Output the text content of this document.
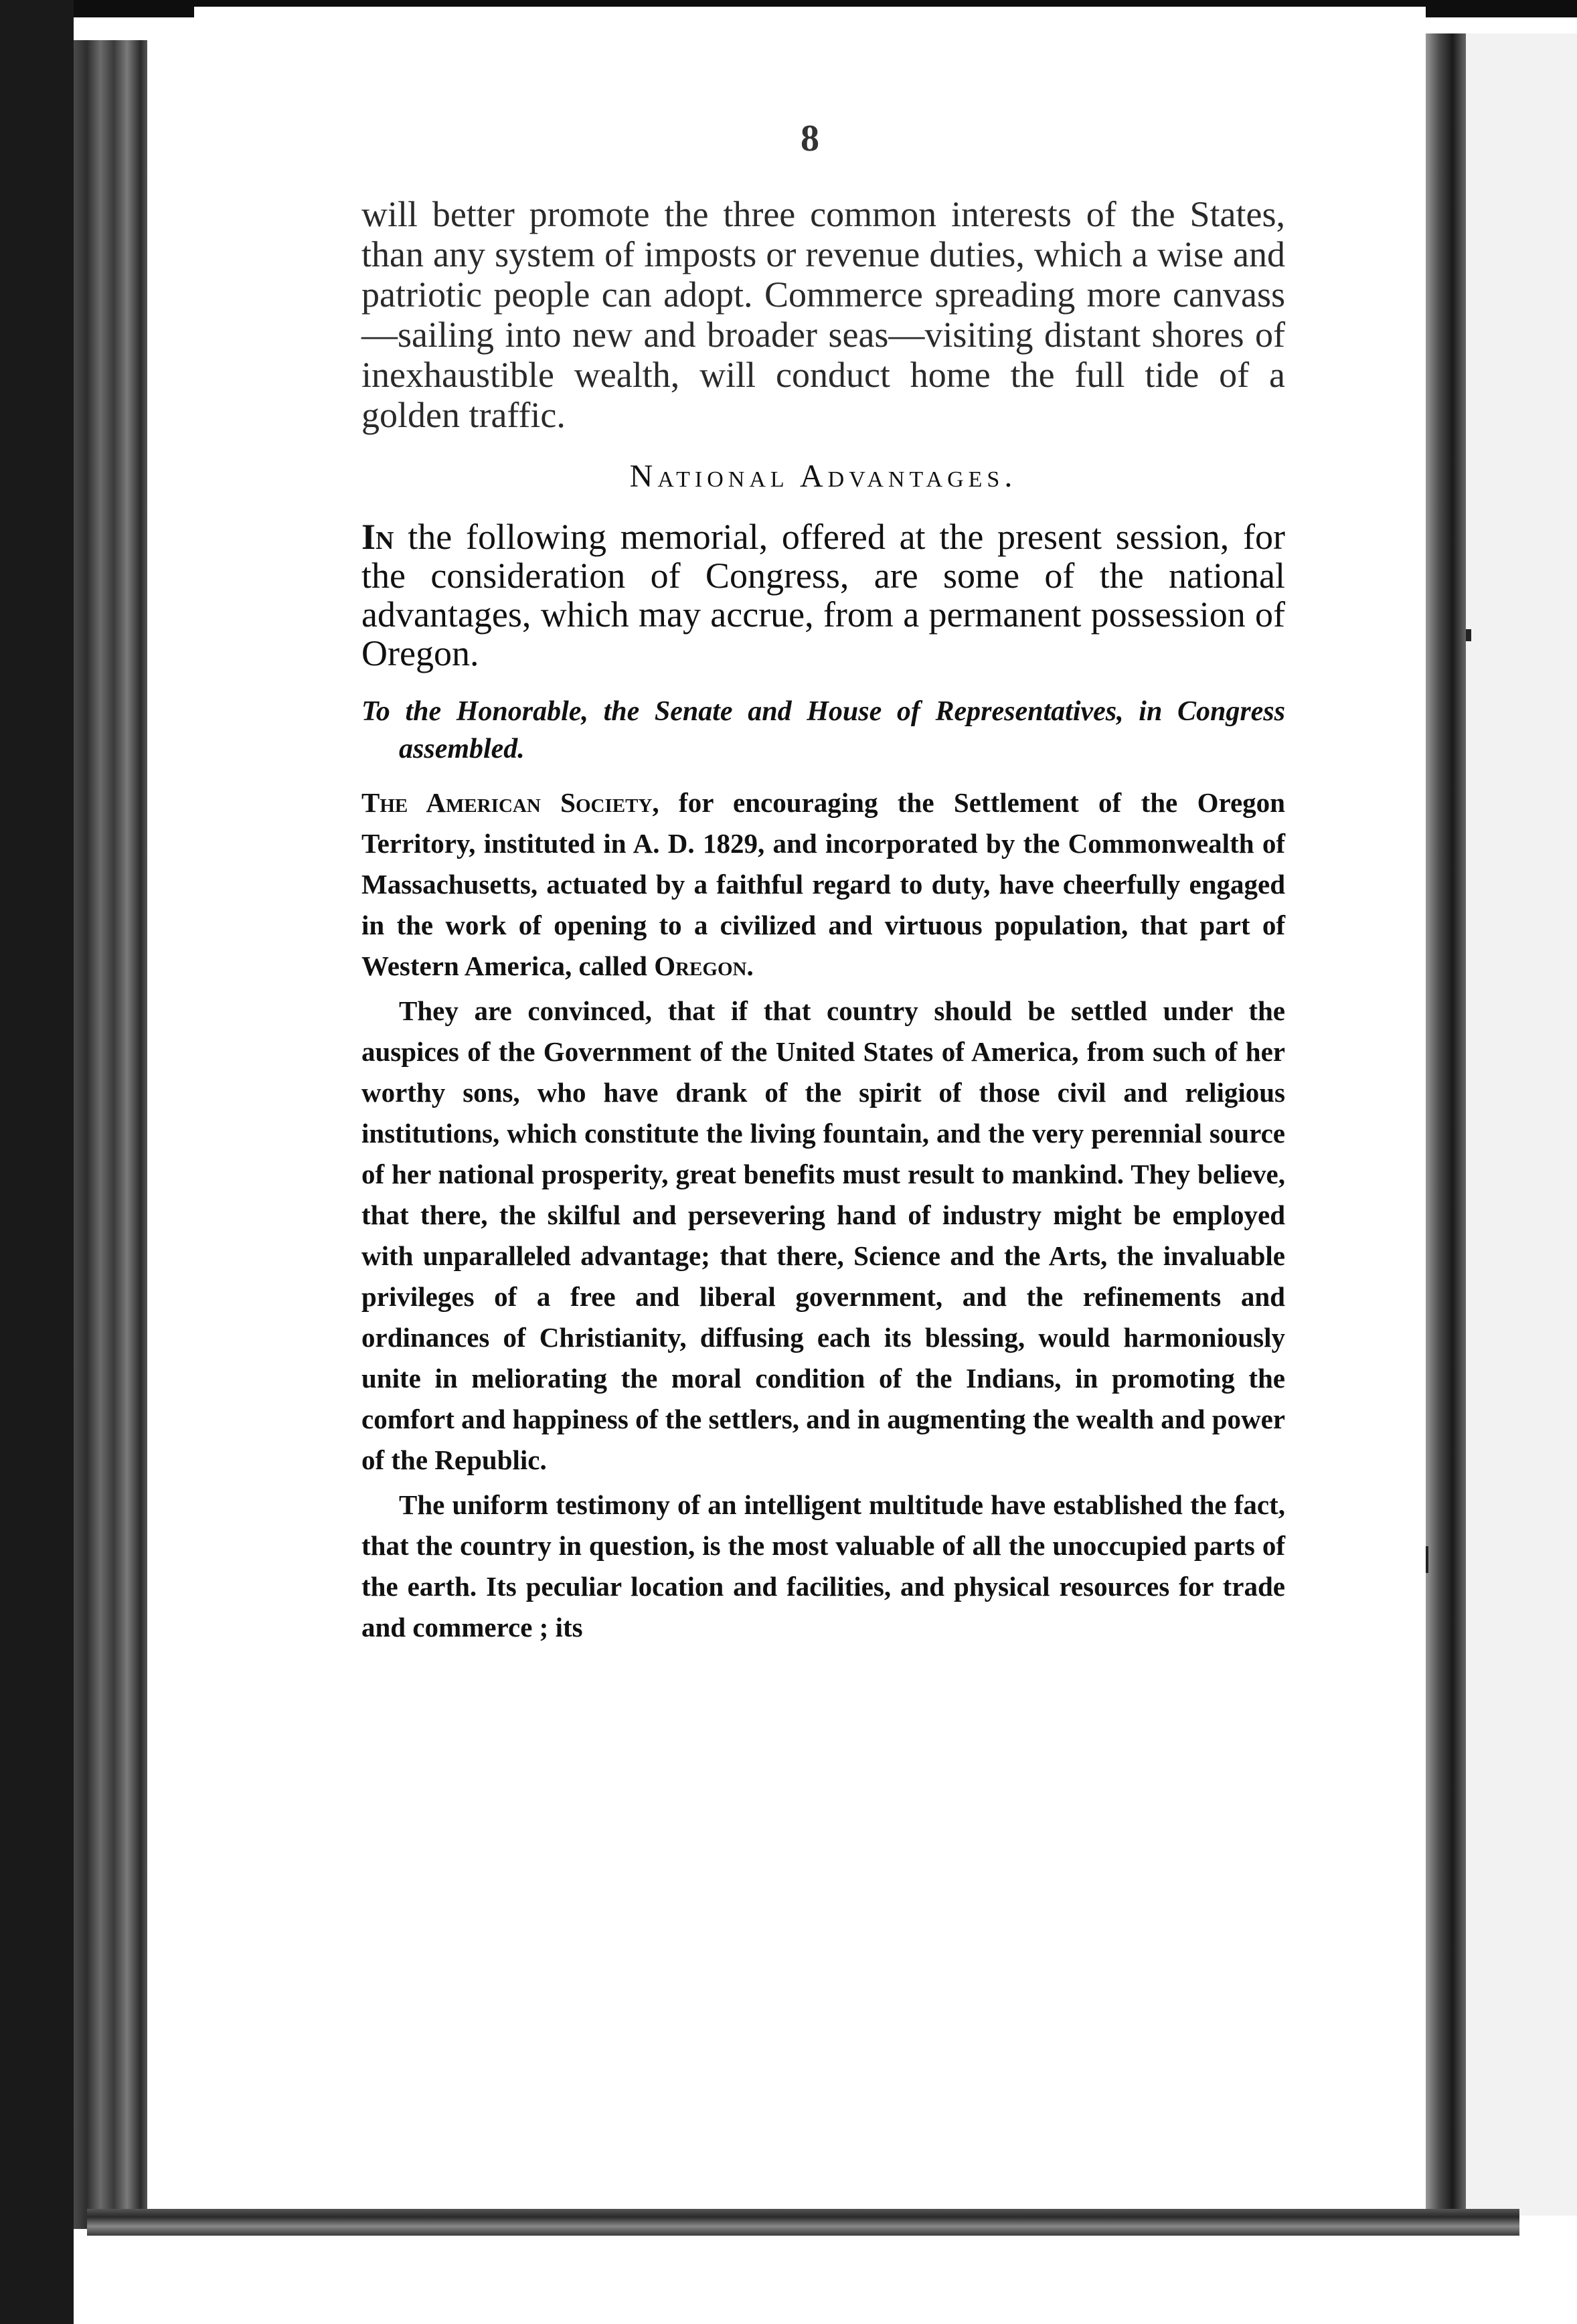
8

will better promote the three common interests of the States, than any system of imposts or revenue duties, which a wise and patriotic people can adopt. Commerce spreading more canvass—sailing into new and broader seas—visiting distant shores of inexhaustible wealth, will conduct home the full tide of a golden traffic.

National Advantages.

In the following memorial, offered at the present session, for the consideration of Congress, are some of the national advantages, which may accrue, from a permanent possession of Oregon.

To the Honorable, the Senate and House of Representatives, in Congress assembled.

The American Society, for encouraging the Settlement of the Oregon Territory, instituted in A. D. 1829, and incorporated by the Commonwealth of Massachusetts, actuated by a faithful regard to duty, have cheerfully engaged in the work of opening to a civilized and virtuous population, that part of Western America, called Oregon.

They are convinced, that if that country should be settled under the auspices of the Government of the United States of America, from such of her worthy sons, who have drank of the spirit of those civil and religious institutions, which constitute the living fountain, and the very perennial source of her national prosperity, great benefits must result to mankind. They believe, that there, the skilful and persevering hand of industry might be employed with unparalleled advantage; that there, Science and the Arts, the invaluable privileges of a free and liberal government, and the refinements and ordinances of Christianity, diffusing each its blessing, would harmoniously unite in meliorating the moral condition of the Indians, in promoting the comfort and happiness of the settlers, and in augmenting the wealth and power of the Republic.

The uniform testimony of an intelligent multitude have established the fact, that the country in question, is the most valuable of all the unoccupied parts of the earth. Its peculiar location and facilities, and physical resources for trade and commerce ; its
